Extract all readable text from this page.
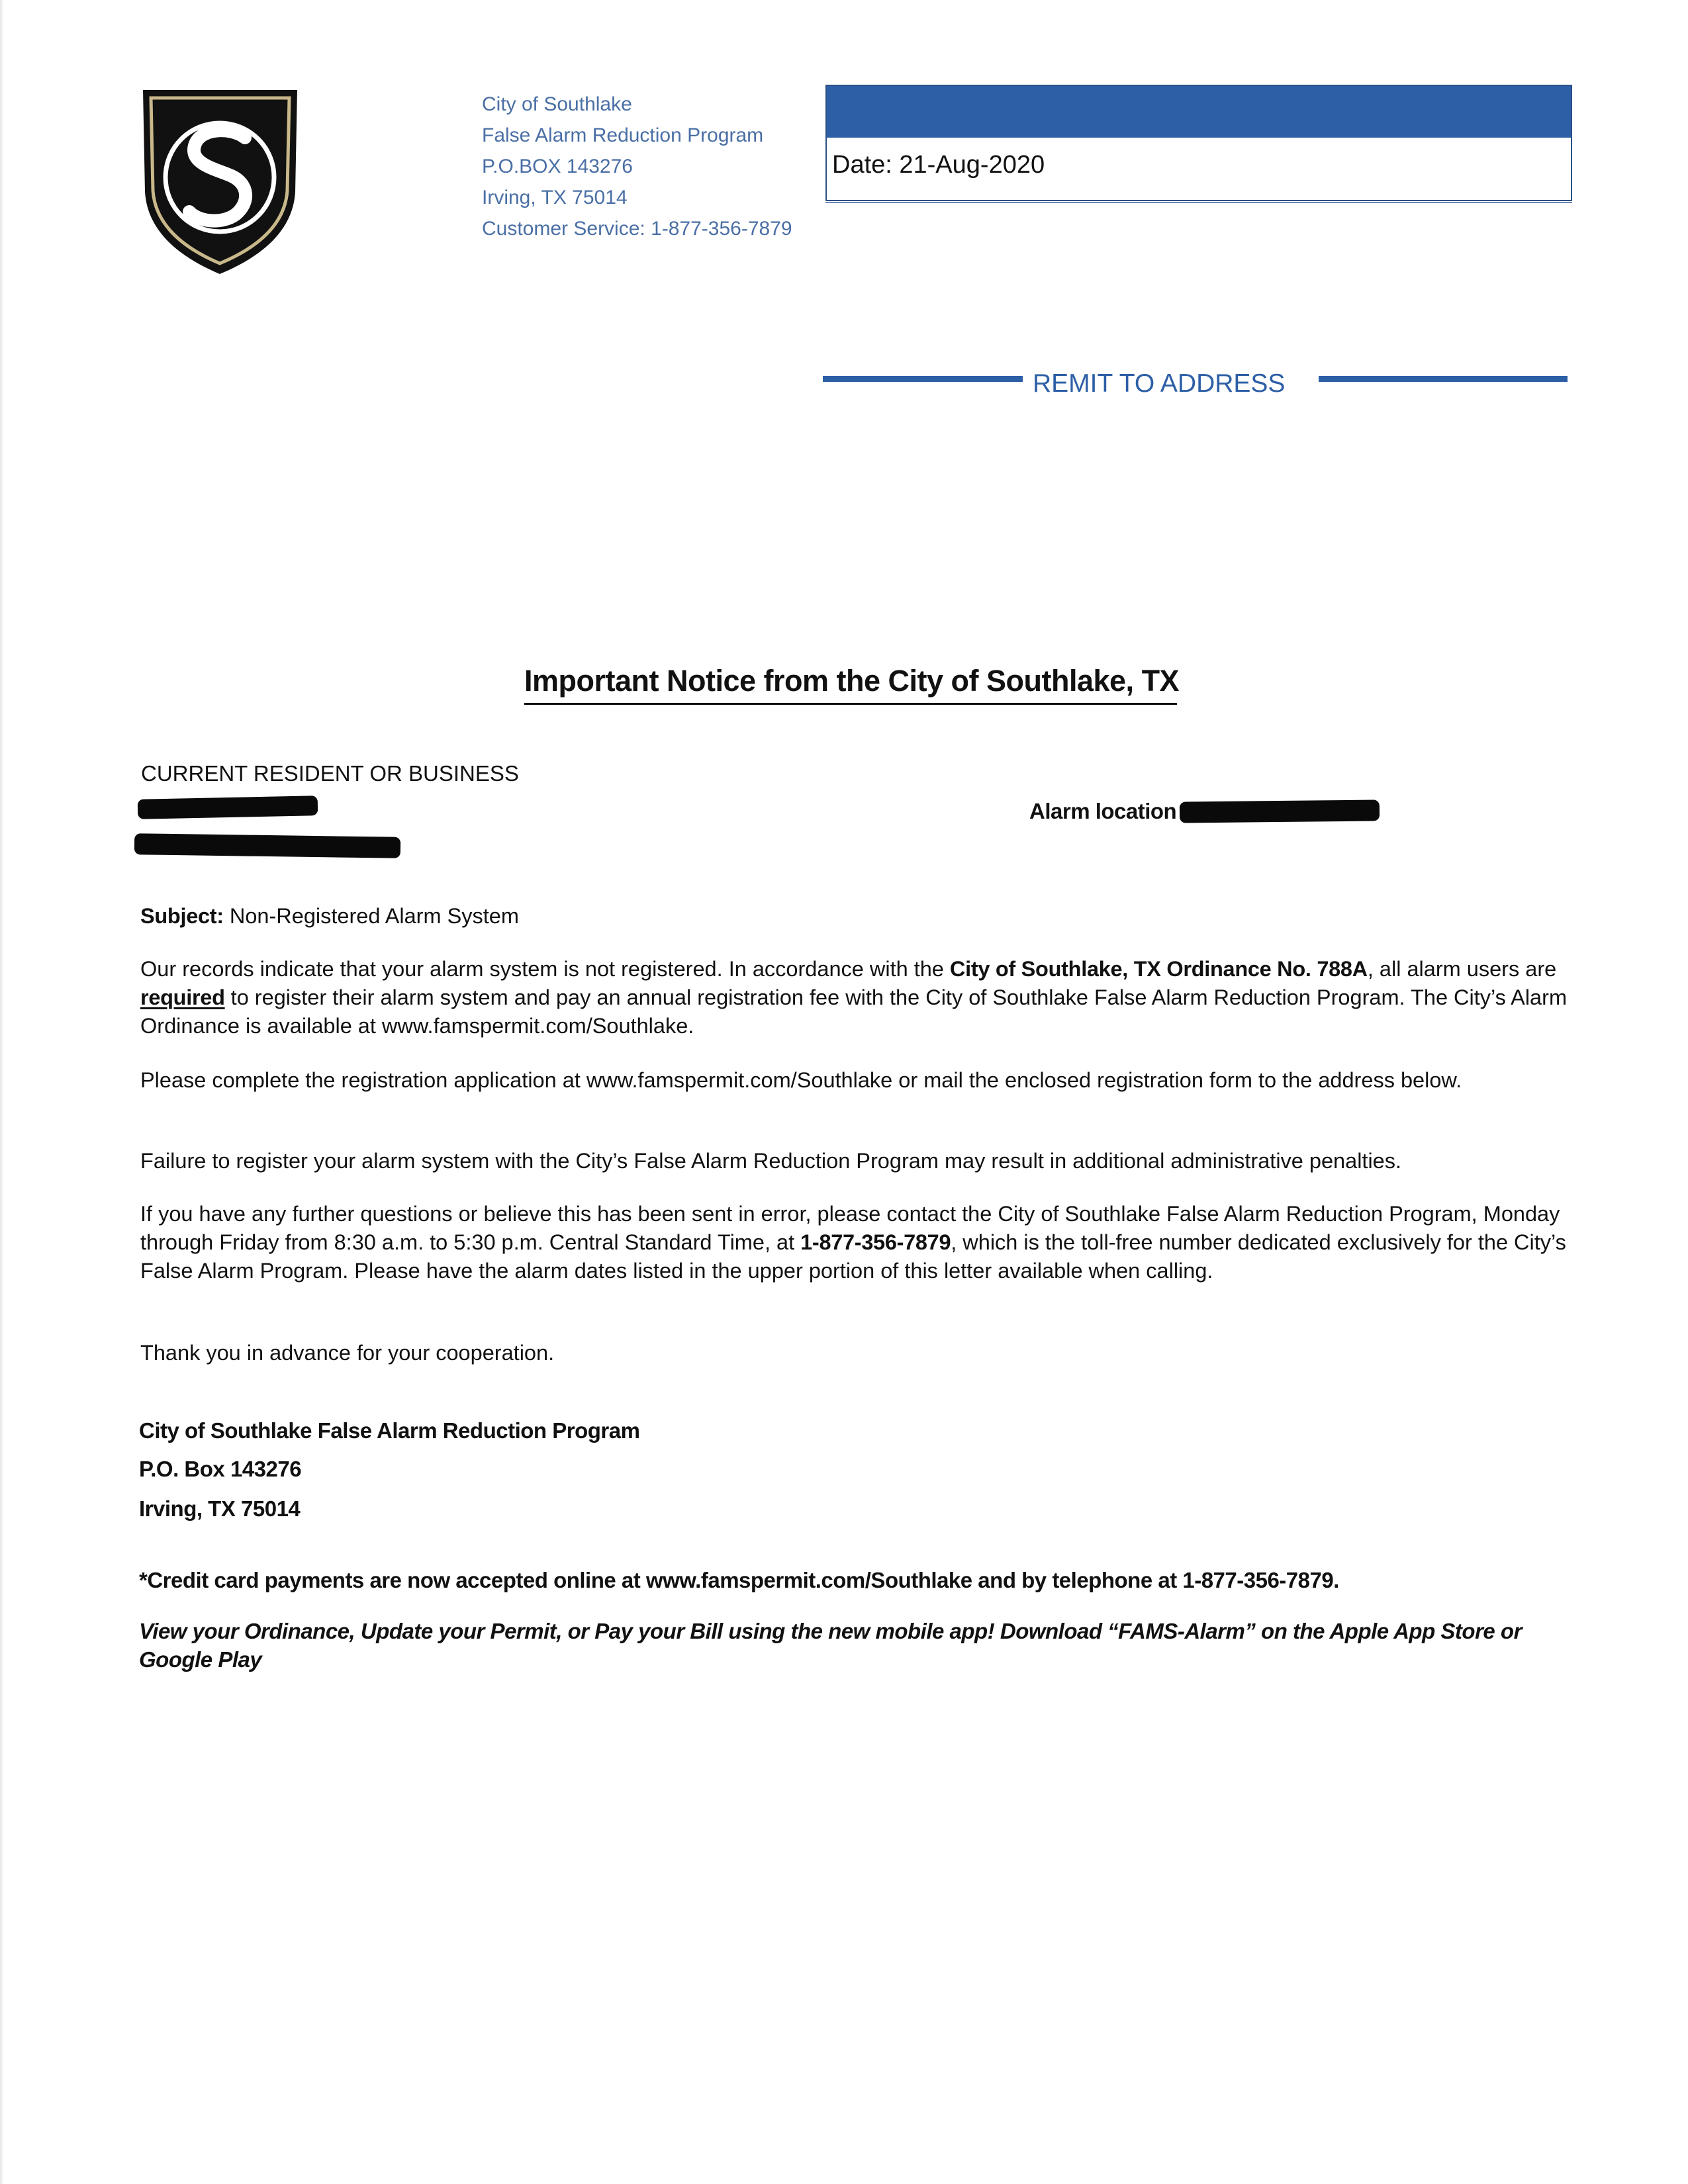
City of Southlake
False Alarm Reduction Program
P.O.BOX 143276
Irving, TX 75014
Customer Service: 1-877-356-7879
Date: 21-Aug-2020
REMIT TO ADDRESS
Important Notice from the City of Southlake, TX
CURRENT RESIDENT OR BUSINESS
Alarm location
Subject: Non-Registered Alarm System
Our records indicate that your alarm system is not registered. In accordance with the City of Southlake, TX Ordinance No. 788A, all alarm users are required to register their alarm system and pay an annual registration fee with the City of Southlake False Alarm Reduction Program. The City’s Alarm Ordinance is available at www.famspermit.com/Southlake.
Please complete the registration application at www.famspermit.com/Southlake or mail the enclosed registration form to the address below.
Failure to register your alarm system with the City’s False Alarm Reduction Program may result in additional administrative penalties.
If you have any further questions or believe this has been sent in error, please contact the City of Southlake False Alarm Reduction Program, Monday through Friday from 8:30 a.m. to 5:30 p.m. Central Standard Time, at 1-877-356-7879, which is the toll-free number dedicated exclusively for the City’s False Alarm Program. Please have the alarm dates listed in the upper portion of this letter available when calling.
Thank you in advance for your cooperation.
City of Southlake False Alarm Reduction Program
P.O. Box 143276
Irving, TX 75014
*Credit card payments are now accepted online at www.famspermit.com/Southlake and by telephone at 1-877-356-7879.
View your Ordinance, Update your Permit, or Pay your Bill using the new mobile app! Download “FAMS-Alarm” on the Apple App Store or Google Play
